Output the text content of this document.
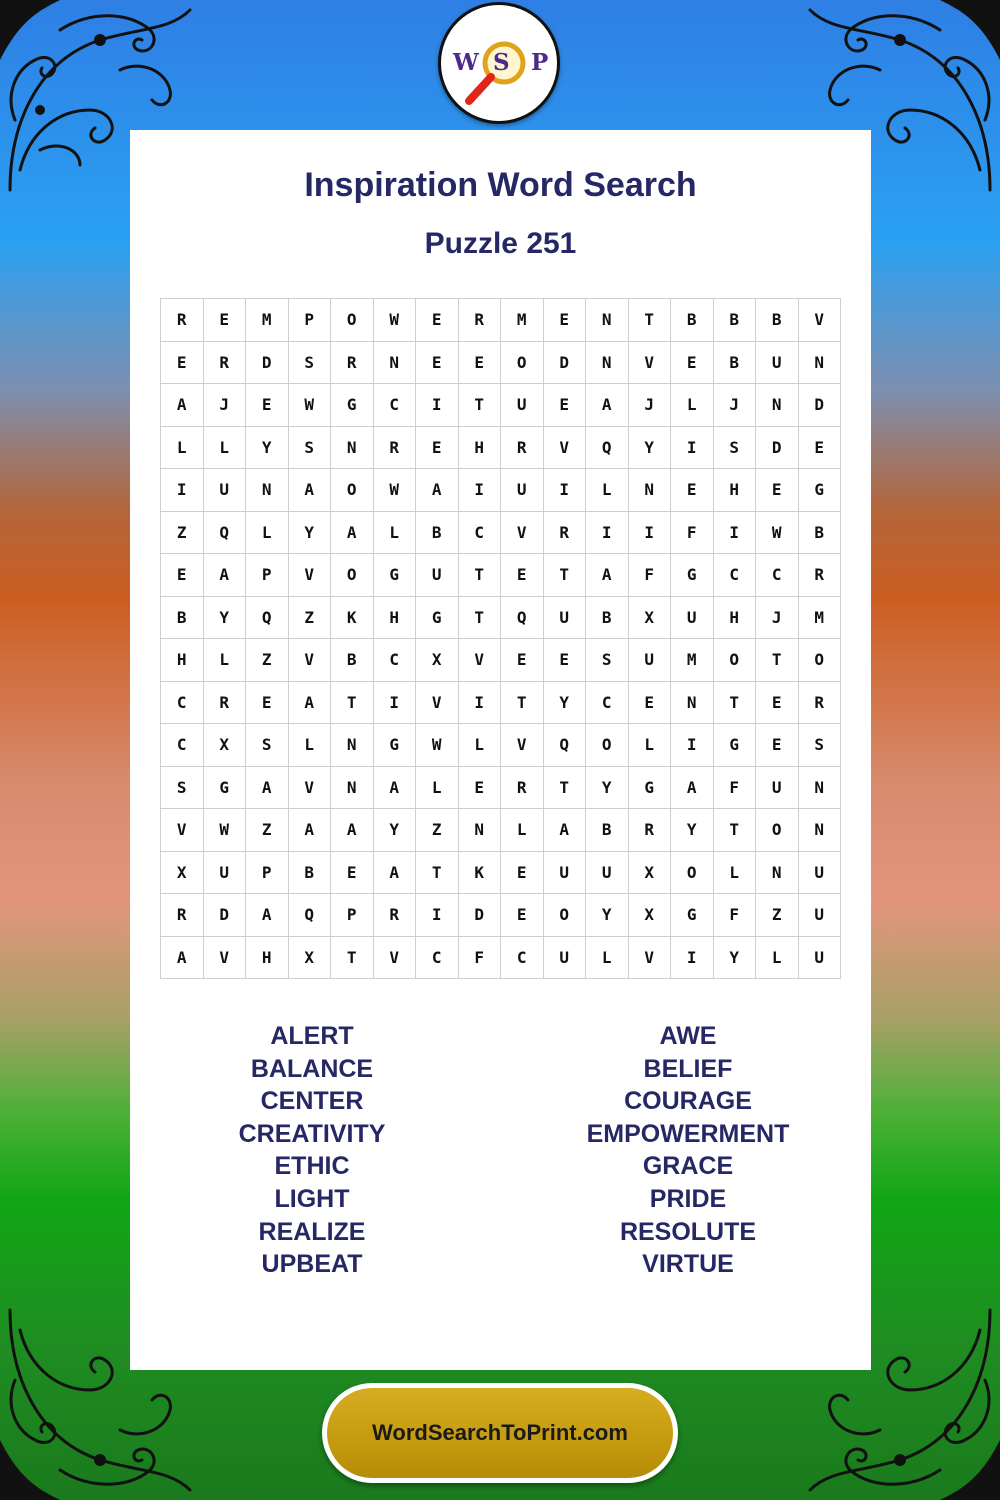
W S P
Inspiration Word Search
Puzzle 251
R	E	M	P	O	W	E	R	M	E	N	T	B	B	B	V
E	R	D	S	R	N	E	E	O	D	N	V	E	B	U	N
A	J	E	W	G	C	I	T	U	E	A	J	L	J	N	D
L	L	Y	S	N	R	E	H	R	V	Q	Y	I	S	D	E
I	U	N	A	O	W	A	I	U	I	L	N	E	H	E	G
Z	Q	L	Y	A	L	B	C	V	R	I	I	F	I	W	B
E	A	P	V	O	G	U	T	E	T	A	F	G	C	C	R
B	Y	Q	Z	K	H	G	T	Q	U	B	X	U	H	J	M
H	L	Z	V	B	C	X	V	E	E	S	U	M	O	T	O
C	R	E	A	T	I	V	I	T	Y	C	E	N	T	E	R
C	X	S	L	N	G	W	L	V	Q	O	L	I	G	E	S
S	G	A	V	N	A	L	E	R	T	Y	G	A	F	U	N
V	W	Z	A	A	Y	Z	N	L	A	B	R	Y	T	O	N
X	U	P	B	E	A	T	K	E	U	U	X	O	L	N	U
R	D	A	Q	P	R	I	D	E	O	Y	X	G	F	Z	U
A	V	H	X	T	V	C	F	C	U	L	V	I	Y	L	U
ALERT
BALANCE
CENTER
CREATIVITY
ETHIC
LIGHT
REALIZE
UPBEAT
AWE
BELIEF
COURAGE
EMPOWERMENT
GRACE
PRIDE
RESOLUTE
VIRTUE
WordSearchToPrint.com
